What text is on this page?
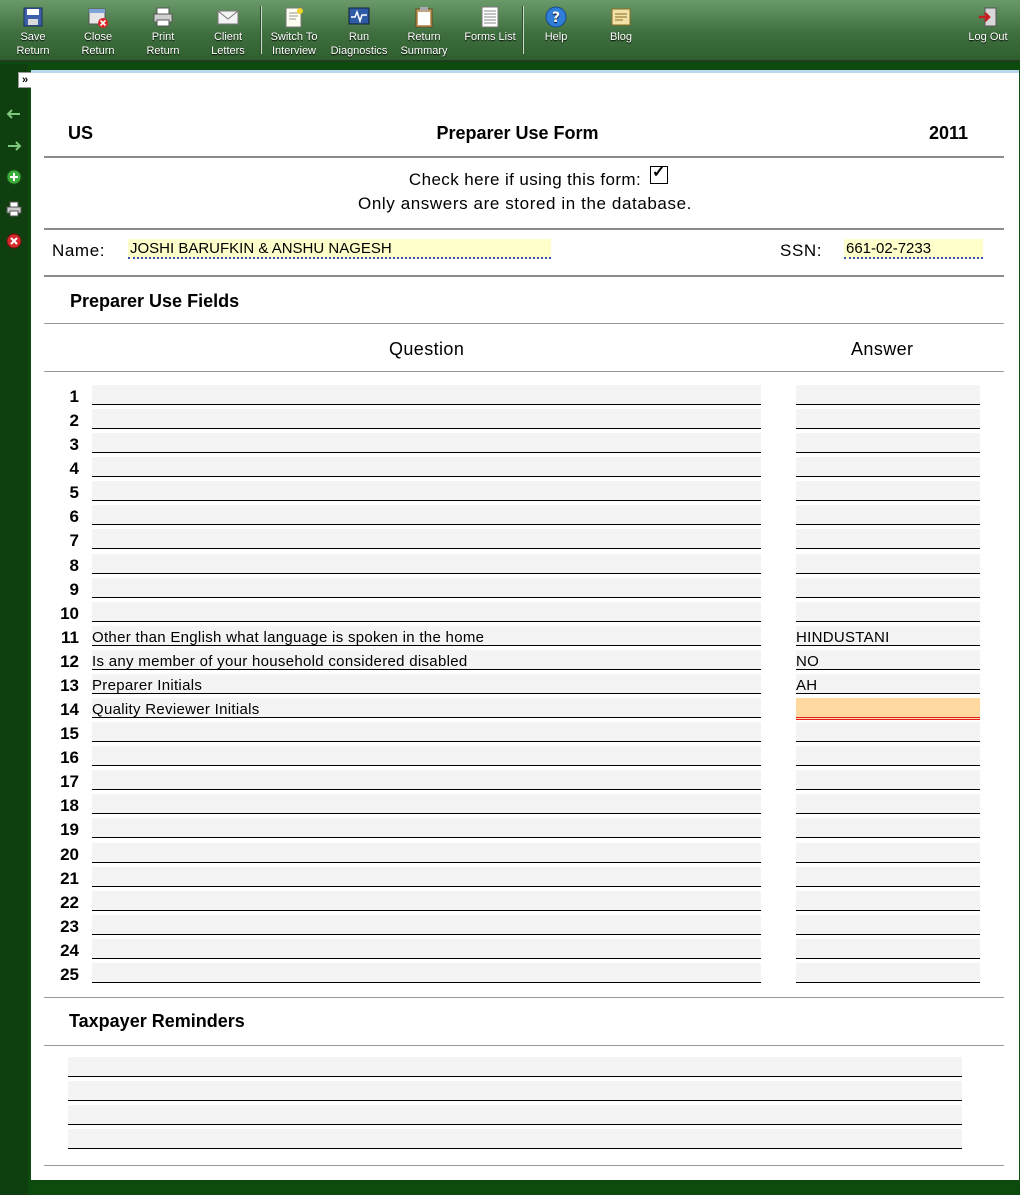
Save
Return
Close
Return
Print
Return
Client
Letters
Switch To
Interview
Run
Diagnostics
Return
Summary
Forms List
?
Help	Blog	Log Out
»
US	Preparer Use Form	2011
Check here if using this form: ✓
Only answers are stored in the database.
Name: JOSHI BARUFKIN & ANSHU NAGESH	SSN: 661-02-7233
Preparer Use Fields
Question	Answer
1
2
3
4
5
6
7
8
9
10
11 Other than English what language is spoken in the home	HINDUSTANI
12 Is any member of your household considered disabled	NO
13 Preparer Initials	AH
14 Quality Reviewer Initials
15
16
17
18
19
20
21
22
23
24
25
Taxpayer Reminders
